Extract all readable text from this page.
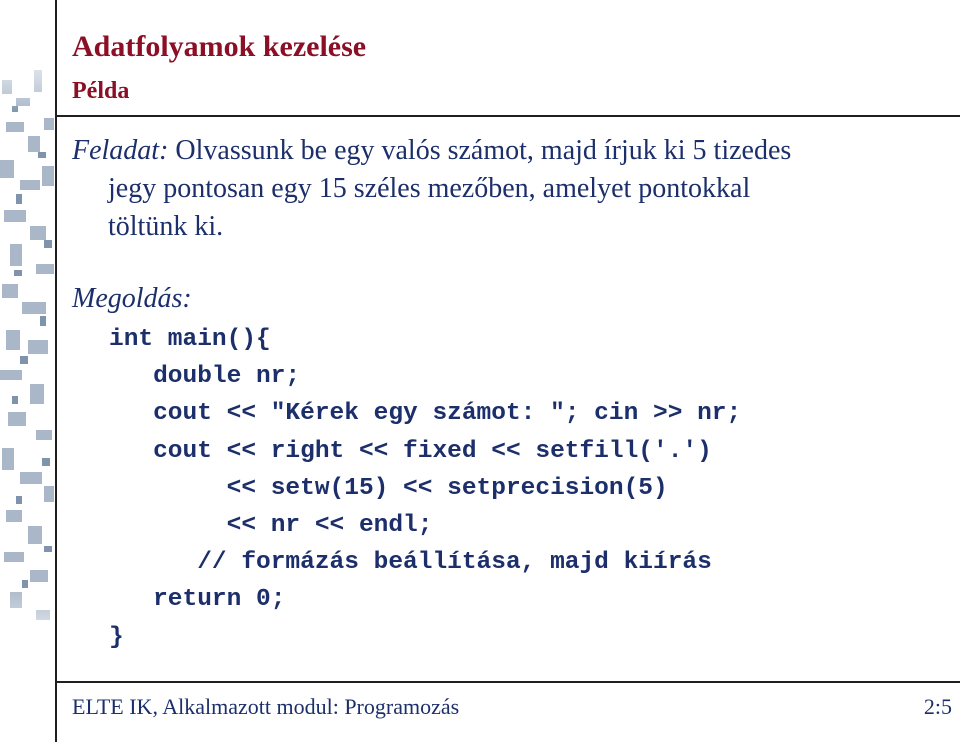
Adatfolyamok kezelése
Példa
Feladat: Olvassunk be egy valós számot, majd írjuk ki 5 tizedes
jegy pontosan egy 15 széles mezőben, amelyet pontokkal
töltünk ki.

Megoldás:

int main(){
double nr;
cout << "Kérek egy számot: "; cin >> nr;
cout << right << fixed << setfill('.')
<< setw(15) << setprecision(5)
<< nr << endl;
// formázás beállítása, majd kiírás
return 0;
}

ELTE IK, Alkalmazott modul: Programozás	2:5
